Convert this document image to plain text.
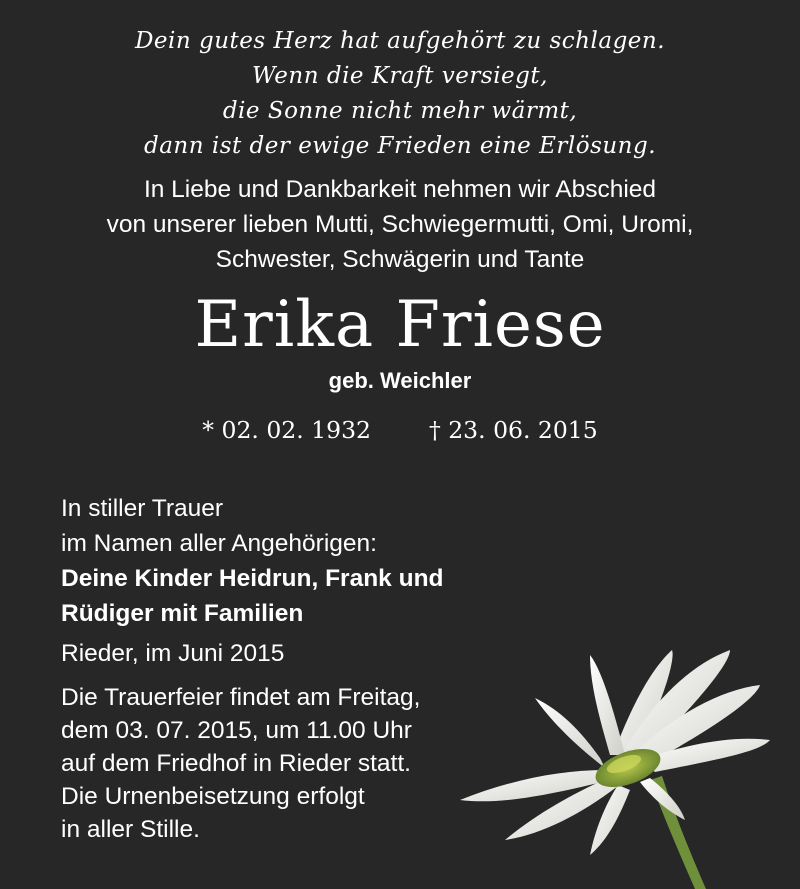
Dein gutes Herz hat aufgehört zu schlagen.
Wenn die Kraft versiegt,
die Sonne nicht mehr wärmt,
dann ist der ewige Frieden eine Erlösung.
In Liebe und Dankbarkeit nehmen wir Abschied
von unserer lieben Mutti, Schwiegermutti, Omi, Uromi,
Schwester, Schwägerin und Tante
Erika Friese
geb. Weichler
* 02. 02. 1932 † 23. 06. 2015
In stiller Trauer
im Namen aller Angehörigen:
Deine Kinder Heidrun, Frank und
Rüdiger mit Familien
Rieder, im Juni 2015
Die Trauerfeier findet am Freitag,
dem 03. 07. 2015, um 11.00 Uhr
auf dem Friedhof in Rieder statt.
Die Urnenbeisetzung erfolgt
in aller Stille.
